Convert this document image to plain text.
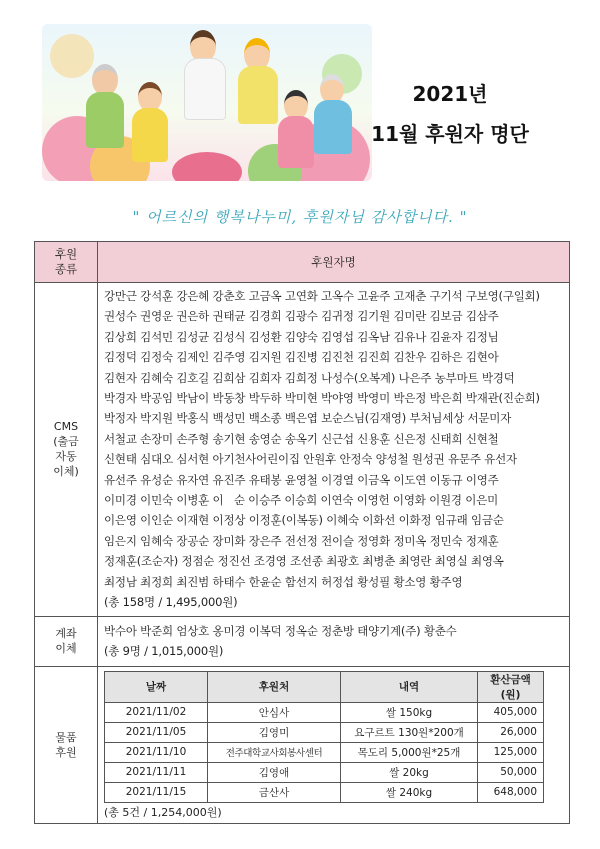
2021년
11월 후원자 명단
" 어르신의 행복나누미, 후원자님 감사합니다. "
후원
종류	후원자명
CMS
(출금
자동
이체)	
강만근 강석훈 강은혜 강춘호 고금옥 고연화 고옥수 고윤주 고재춘 구기석 구보영(구일회)
권성수 권영운 권은하 권태균 김경희 김광수 김귀정 김기원 김미란 김보금 김삼주
김상희 김석민 김성균 김성식 김성환 김양숙 김영섭 김옥남 김유나 김윤자 김정님
김정덕 김정숙 김제인 김주영 김지원 김진병 김진천 김진희 김찬우 김하은 김현아
김현자 김혜숙 김호길 김희삼 김희자 김희정 나성수(오복계) 나은주 농부마트 박경덕
박경자 박공임 박남이 박동창 박두하 박미현 박야영 박영미 박은정 박은희 박재관(진순희)
박정자 박지원 박홍식 백성민 백소종 백은엽 보순스님(김재영) 부처님세상 서문미자
서철교 손장미 손주형 송기현 송영순 송옥기 신근섭 신용훈 신은정 신태희 신현철
신현태 심대오 심서현 아기천사어린이집 안원후 안정숙 양성철 원성권 유문주 유선자
유선주 유성순 유자연 유진주 유태봉 윤영철 이경열 이금옥 이도연 이동규 이영주
이미경 이민숙 이병훈 이   순 이승주 이승희 이연숙 이영헌 이영화 이원경 이은미
이은영 이인순 이재현 이정상 이정훈(이복동) 이혜숙 이화선 이화정 임규래 임금순
임은지 임혜숙 장공순 장미화 장은주 전선정 전이슬 정영화 정미옥 정민숙 정재훈
정재훈(조순자) 정점순 정진선 조경영 조선종 최광호 최병춘 최영란 최영실 최영옥
최정남 최정희 최진범 하태수 한윤순 함선지 허정섭 황성필 황소영 황주영
(총 158명 / 1,495,000원)

계좌
이체	
박수아 박준희 엄상호 옹미경 이복덕 정옥순 정춘방 태양기계(주) 황춘수
(총 9명 / 1,015,000원)

물품
후원	
날짜	후원처	내역	환산금액(원)
2021/11/02	안심사	쌀 150kg	405,000
2021/11/05	김영미	요구르트 130원*200개	26,000
2021/11/10	전주대학교사회봉사센터	목도리 5,000원*25개	125,000
2021/11/11	김영애	쌀 20kg	50,000
2021/11/15	금산사	쌀 240kg	648,000
(총 5건 / 1,254,000원)
